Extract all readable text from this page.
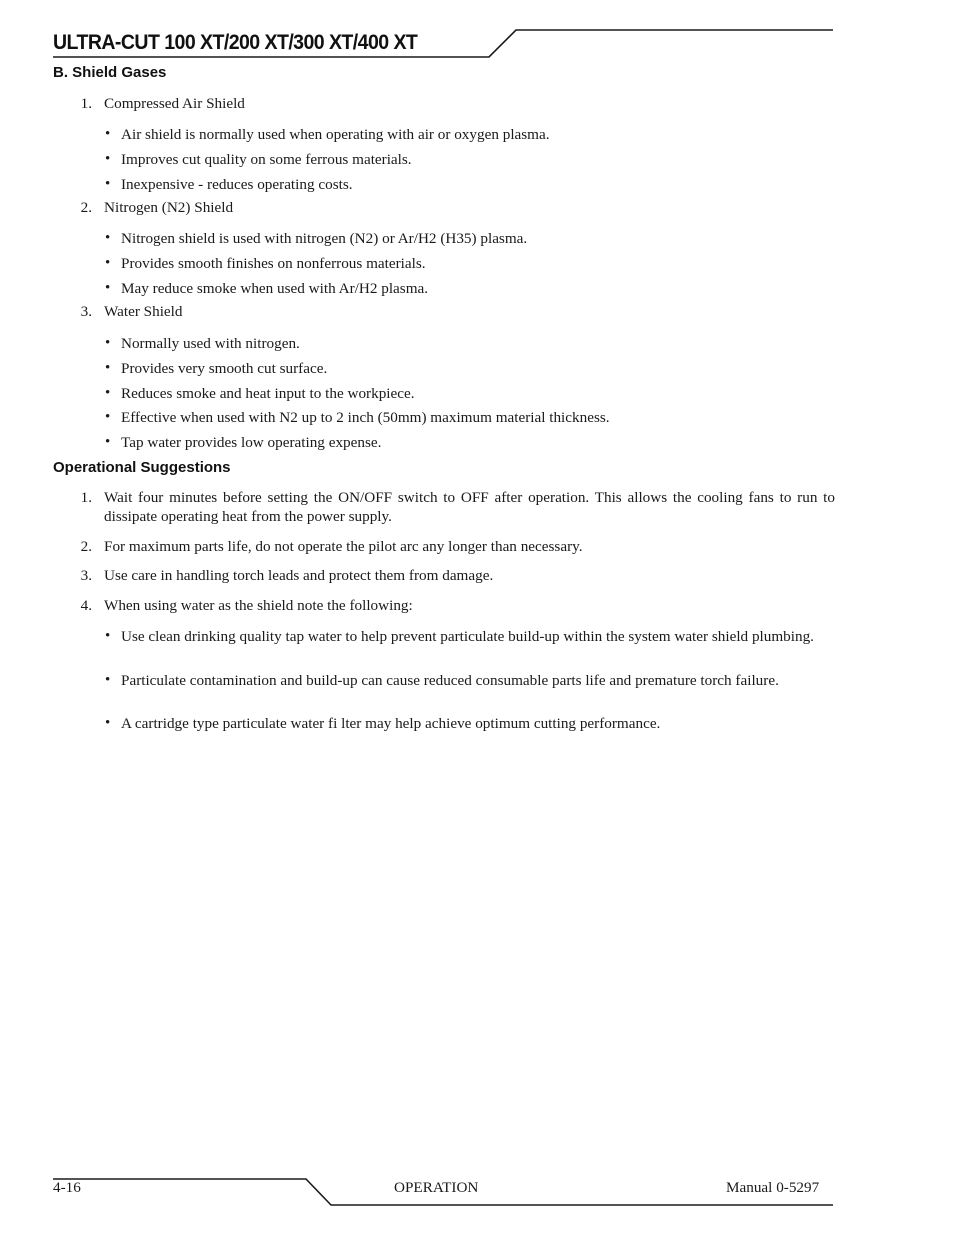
ULTRA-CUT 100 XT/200 XT/300 XT/400 XT
B. Shield Gases
1. Compressed Air Shield
• Air shield is normally used when operating with air or oxygen plasma.
• Improves cut quality on some ferrous materials.
• Inexpensive - reduces operating costs.
2. Nitrogen (N2) Shield
• Nitrogen shield is used with nitrogen (N2) or Ar/H2 (H35) plasma.
• Provides smooth finishes on nonferrous materials.
• May reduce smoke when used with Ar/H2 plasma.
3. Water Shield
• Normally used with nitrogen.
• Provides very smooth cut surface.
• Reduces smoke and heat input to the workpiece.
• Effective when used with N2 up to 2 inch (50mm) maximum material thickness.
• Tap water provides low operating expense.
Operational Suggestions
1. Wait four minutes before setting the ON/OFF switch to OFF after operation. This allows the cooling fans to run to dissipate operating heat from the power supply.
2. For maximum parts life, do not operate the pilot arc any longer than necessary.
3. Use care in handling torch leads and protect them from damage.
4. When using water as the shield note the following:
• Use clean drinking quality tap water to help prevent particulate build-up within the system water shield plumbing.
• Particulate contamination and build-up can cause reduced consumable parts life and premature torch failure.
• A cartridge type particulate water fi lter may help achieve optimum cutting performance.
4-16	OPERATION	Manual 0-5297
